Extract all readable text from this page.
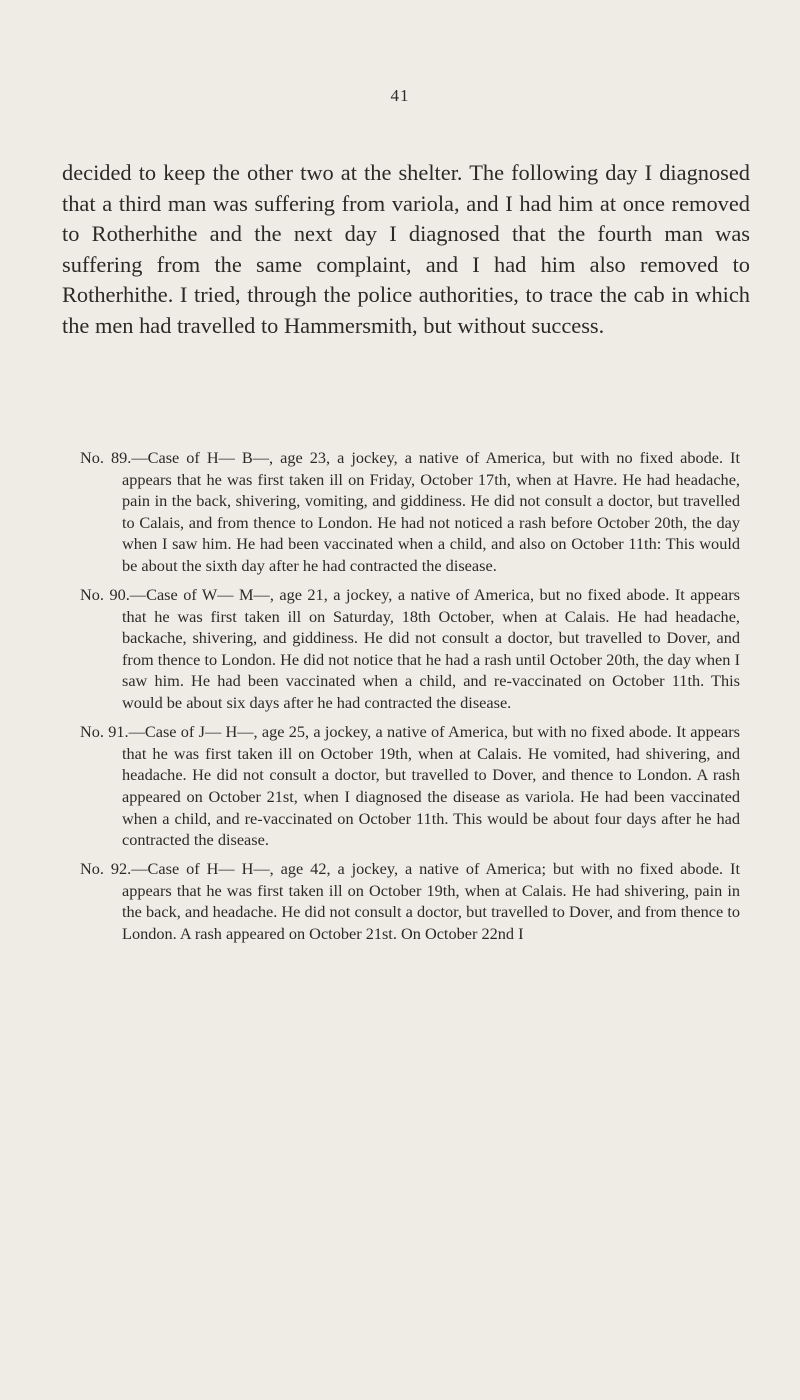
41

decided to keep the other two at the shelter. The following day I diagnosed that a third man was suffering from variola, and I had him at once removed to Rotherhithe and the next day I diagnosed that the fourth man was suffering from the same complaint, and I had him also removed to Rotherhithe. I tried, through the police authorities, to trace the cab in which the men had travelled to Hammersmith, but without success.

No. 89.—Case of H— B—, age 23, a jockey, a native of America, but with no fixed abode. It appears that he was first taken ill on Friday, October 17th, when at Havre. He had headache, pain in the back, shivering, vomiting, and giddiness. He did not consult a doctor, but travelled to Calais, and from thence to London. He had not noticed a rash before October 20th, the day when I saw him. He had been vaccinated when a child, and also on October 11th: This would be about the sixth day after he had contracted the disease.

No. 90.—Case of W— M—, age 21, a jockey, a native of America, but no fixed abode. It appears that he was first taken ill on Saturday, 18th October, when at Calais. He had headache, backache, shivering, and giddiness. He did not consult a doctor, but travelled to Dover, and from thence to London. He did not notice that he had a rash until October 20th, the day when I saw him. He had been vaccinated when a child, and re-vaccinated on October 11th. This would be about six days after he had contracted the disease.

No. 91.—Case of J— H—, age 25, a jockey, a native of America, but with no fixed abode. It appears that he was first taken ill on October 19th, when at Calais. He vomited, had shivering, and headache. He did not consult a doctor, but travelled to Dover, and thence to London. A rash appeared on October 21st, when I diagnosed the disease as variola. He had been vaccinated when a child, and re-vaccinated on October 11th. This would be about four days after he had contracted the disease.

No. 92.—Case of H— H—, age 42, a jockey, a native of America; but with no fixed abode. It appears that he was first taken ill on October 19th, when at Calais. He had shivering, pain in the back, and headache. He did not consult a doctor, but travelled to Dover, and from thence to London. A rash appeared on October 21st. On October 22nd I
